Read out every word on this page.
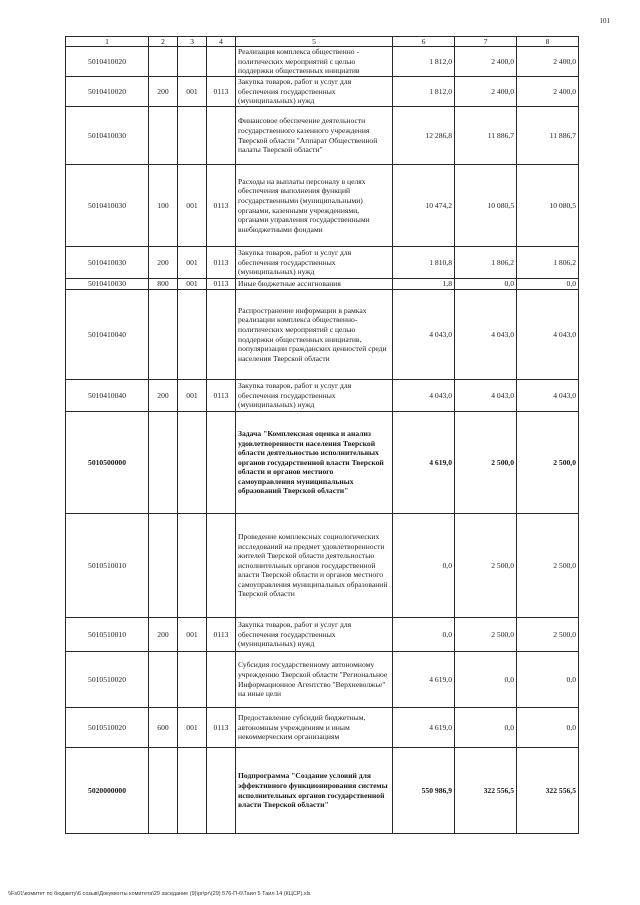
101
1	2	3	4	5	6	7	8
5010410020				Реализация комплекса общественно - политических мероприятий с целью поддержки общественных инициатив	1 812,0	2 400,0	2 400,0
5010410020	200	001	0113	Закупка товаров, работ и услуг для обеспечения государственных (муниципальных) нужд	1 812,0	2 400,0	2 400,0
5010410030				Финансовое обеспечение деятельности государственного казенного учреждения Тверской области "Аппарат Общественной палаты Тверской области"	12 286,8	11 886,7	11 886,7
5010410030	100	001	0113	Расходы на выплаты персоналу в целях обеспечения выполнения функций государственными (муниципальными) органами, казенными учреждениями, органами управления государственными внебюджетными фондами	10 474,2	10 080,5	10 080,5
5010410030	200	001	0113	Закупка товаров, работ и услуг для обеспечения государственных (муниципальных) нужд	1 810,8	1 806,2	1 806,2
5010410030	800	001	0113	Иные бюджетные ассигнования	1,8	0,0	0,0
5010410040				Распространение информации в рамках реализации комплекса общественно-политических мероприятий с целью поддержки общественных инициатив, популяризации гражданских ценностей среди населения Тверской области	4 043,0	4 043,0	4 043,0
5010410040	200	001	0113	Закупка товаров, работ и услуг для обеспечения государственных (муниципальных) нужд	4 043,0	4 043,0	4 043,0
5010500000				Задача "Комплексная оценка и анализ удовлетворенности населения Тверской области деятельностью исполнительных органов государственной власти Тверской области и органов местного самоуправления муниципальных образований Тверской области"	4 619,0	2 500,0	2 500,0
5010510010				Проведение комплексных социологических исследований на предмет удовлетворенности жителей Тверской области деятельностью исполнительных органов государственной власти Тверской области и органов местного самоуправления муниципальных образований Тверской области	0,0	2 500,0	2 500,0
5010510010	200	001	0113	Закупка товаров, работ и услуг для обеспечения государственных (муниципальных) нужд	0,0	2 500,0	2 500,0
5010510020				Субсидия государственному автономному учреждению Тверской области "Региональное Информационное Агентство "Верхневолжье" на иные цели	4 619,0	0,0	0,0
5010510020	600	001	0113	Предоставление субсидий бюджетным, автономным учреждениям и иным некоммерческим организациям	4 619,0	0,0	0,0
5020000000				Подпрограмма "Создание условий для эффективного функционирования системы исполнительных органов государственной власти Тверской области"	550 986,9	322 556,5	322 556,5
\\Fs01\комитет по бюджету\6 созыв\Документы комитета\29 заседание (9)\pr\pr\(29) 576-П-6\Таил 5 Таил 14 (КЦСР).xls
